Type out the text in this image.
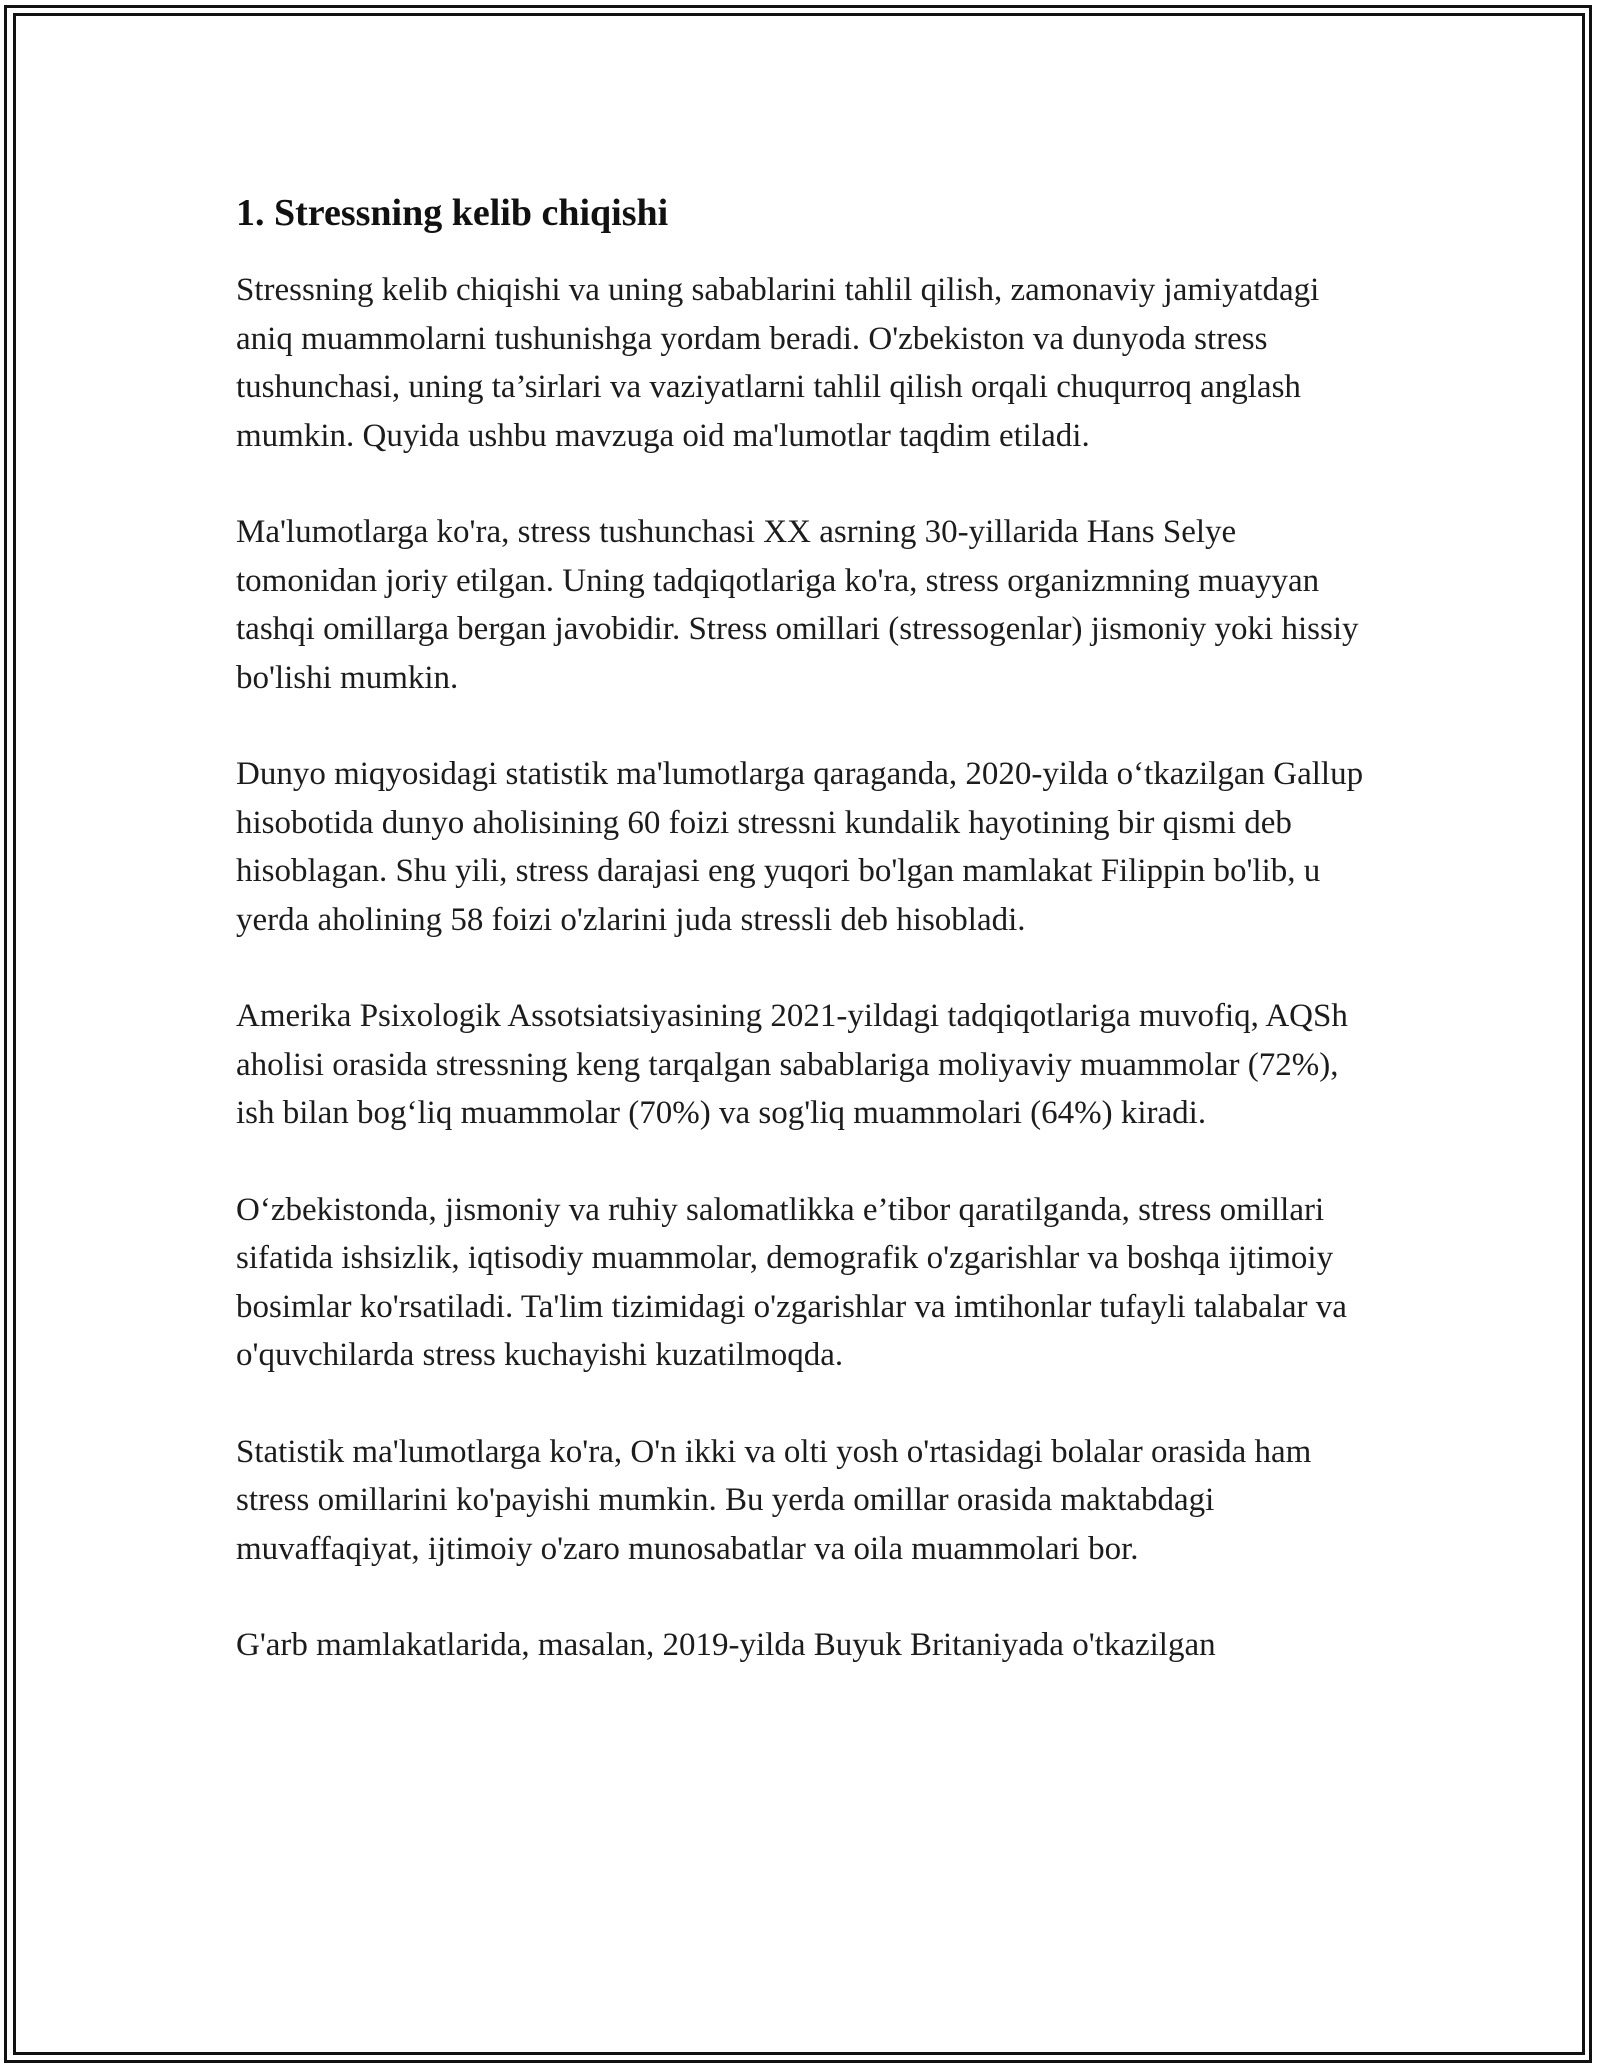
1. Stressning kelib chiqishi

Stressning kelib chiqishi va uning sabablarini tahlil qilish, zamonaviy jamiyatdagi aniq muammolarni tushunishga yordam beradi. O'zbekiston va dunyoda stress tushunchasi, uning ta’sirlari va vaziyatlarni tahlil qilish orqali chuqurroq anglash mumkin. Quyida ushbu mavzuga oid ma'lumotlar taqdim etiladi.

Ma'lumotlarga ko'ra, stress tushunchasi XX asrning 30-yillarida Hans Selye tomonidan joriy etilgan. Uning tadqiqotlariga ko'ra, stress organizmning muayyan tashqi omillarga bergan javobidir. Stress omillari (stressogenlar) jismoniy yoki hissiy bo'lishi mumkin.

Dunyo miqyosidagi statistik ma'lumotlarga qaraganda, 2020-yilda o‘tkazilgan Gallup hisobotida dunyo aholisining 60 foizi stressni kundalik hayotining bir qismi deb hisoblagan. Shu yili, stress darajasi eng yuqori bo'lgan mamlakat Filippin bo'lib, u yerda aholining 58 foizi o'zlarini juda stressli deb hisobladi.

Amerika Psixologik Assotsiatsiyasining 2021-yildagi tadqiqotlariga muvofiq, AQSh aholisi orasida stressning keng tarqalgan sabablariga moliyaviy muammolar (72%), ish bilan bog‘liq muammolar (70%) va sog'liq muammolari (64%) kiradi.

O‘zbekistonda, jismoniy va ruhiy salomatlikka e’tibor qaratilganda, stress omillari sifatida ishsizlik, iqtisodiy muammolar, demografik o'zgarishlar va boshqa ijtimoiy bosimlar ko'rsatiladi. Ta'lim tizimidagi o'zgarishlar va imtihonlar tufayli talabalar va o'quvchilarda stress kuchayishi kuzatilmoqda.

Statistik ma'lumotlarga ko'ra, O'n ikki va olti yosh o'rtasidagi bolalar orasida ham stress omillarini ko'payishi mumkin. Bu yerda omillar orasida maktabdagi muvaffaqiyat, ijtimoiy o'zaro munosabatlar va oila muammolari bor.

G'arb mamlakatlarida, masalan, 2019-yilda Buyuk Britaniyada o'tkazilgan
